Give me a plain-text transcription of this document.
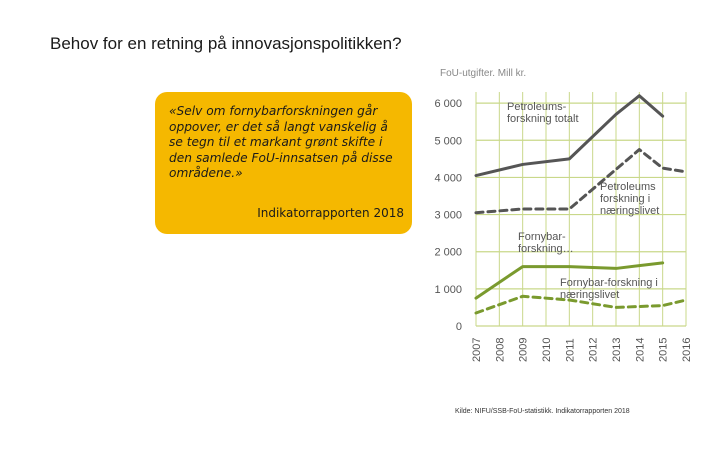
Behov for en retning på innovasjonspolitikken?
«Selv om fornybarforskningen går oppover, er det så langt vanskelig å se tegn til et markant grønt skifte i den samlede FoU-innsatsen på disse områdene.»
Indikatorrapporten 2018
FoU-utgifter. Mill kr.
0
1 000
2 000
3 000
4 000
5 000
6 000
2007 2008 2009 2010 2011 2012 2013 2014 2015 2016
Petroleums-forskning totalt
Petroleums forskning i næringslivet
Fornybar-forskning…
Fornybar-forskning i næringslivet
Kilde: NIFU/SSB-FoU-statistikk. Indikatorrapporten 2018
